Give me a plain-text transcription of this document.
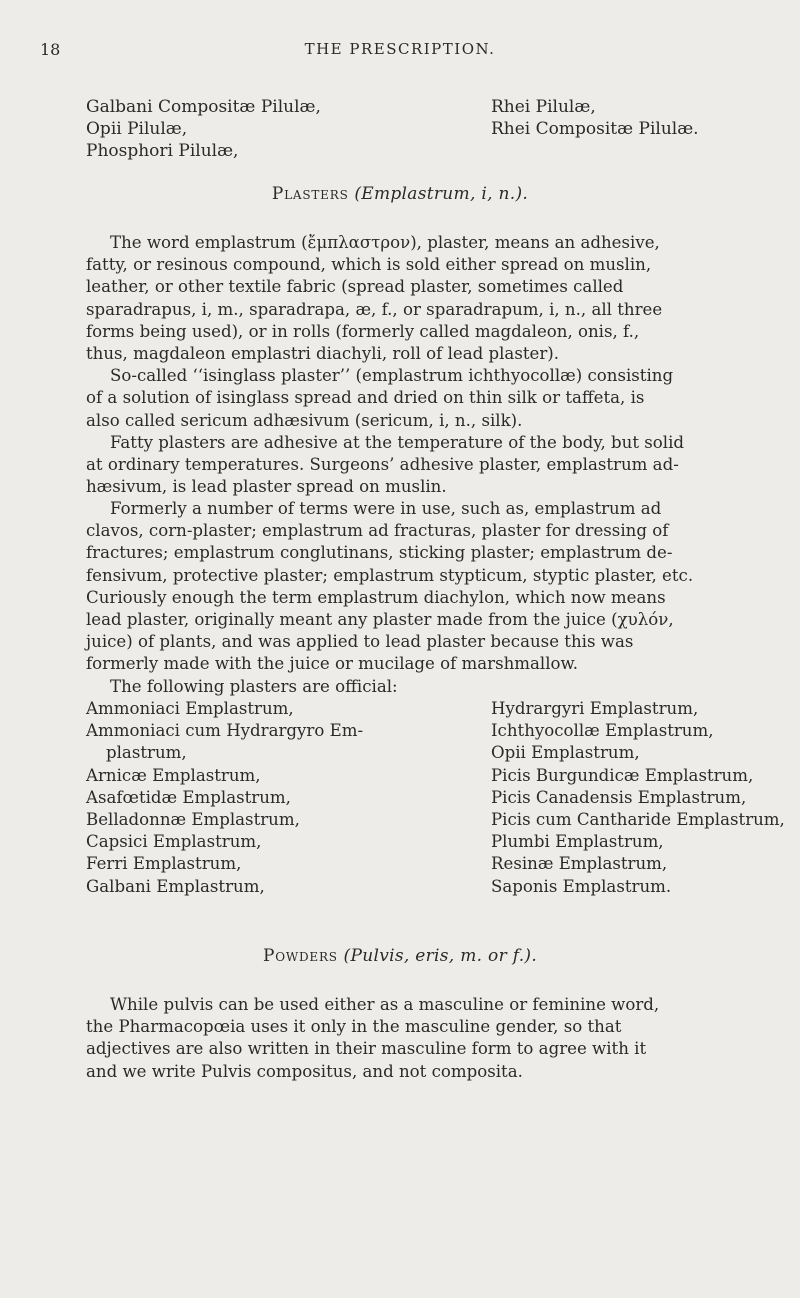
18	THE PRESCRIPTION.
Galbani Compositæ Pilulæ,
Opii Pilulæ,
Phosphori Pilulæ,
Rhei Pilulæ,
Rhei Compositæ Pilulæ.
Plasters (Emplastrum, i, n.).
The word emplastrum (ἔμπλαστρον), plaster, means an adhesive,
fatty, or resinous compound, which is sold either spread on muslin,
leather, or other textile fabric (spread plaster, sometimes called
sparadrapus, i, m., sparadrapa, æ, f., or sparadrapum, i, n., all three
forms being used), or in rolls (formerly called magdaleon, onis, f.,
thus, magdaleon emplastri diachyli, roll of lead plaster).
So-called ‘‘isinglass plaster’’ (emplastrum ichthyocollæ) consisting
of a solution of isinglass spread and dried on thin silk or taffeta, is
also called sericum adhæsivum (sericum, i, n., silk).
Fatty plasters are adhesive at the temperature of the body, but solid
at ordinary temperatures. Surgeons’ adhesive plaster, emplastrum ad-
hæsivum, is lead plaster spread on muslin.
Formerly a number of terms were in use, such as, emplastrum ad
clavos, corn-plaster; emplastrum ad fracturas, plaster for dressing of
fractures; emplastrum conglutinans, sticking plaster; emplastrum de-
fensivum, protective plaster; emplastrum stypticum, styptic plaster, etc.
Curiously enough the term emplastrum diachylon, which now means
lead plaster, originally meant any plaster made from the juice (χυλόν,
juice) of plants, and was applied to lead plaster because this was
formerly made with the juice or mucilage of marshmallow.
The following plasters are official:
Ammoniaci Emplastrum,
Ammoniaci cum Hydrargyro Em-
plastrum,
Arnicæ Emplastrum,
Asafœtidæ Emplastrum,
Belladonnæ Emplastrum,
Capsici Emplastrum,
Ferri Emplastrum,
Galbani Emplastrum,
Hydrargyri Emplastrum,
Ichthyocollæ Emplastrum,
Opii Emplastrum,
Picis Burgundicæ Emplastrum,
Picis Canadensis Emplastrum,
Picis cum Cantharide Emplastrum,
Plumbi Emplastrum,
Resinæ Emplastrum,
Saponis Emplastrum.
Powders (Pulvis, eris, m. or f.).
While pulvis can be used either as a masculine or feminine word,
the Pharmacopœia uses it only in the masculine gender, so that
adjectives are also written in their masculine form to agree with it
and we write Pulvis compositus, and not composita.
